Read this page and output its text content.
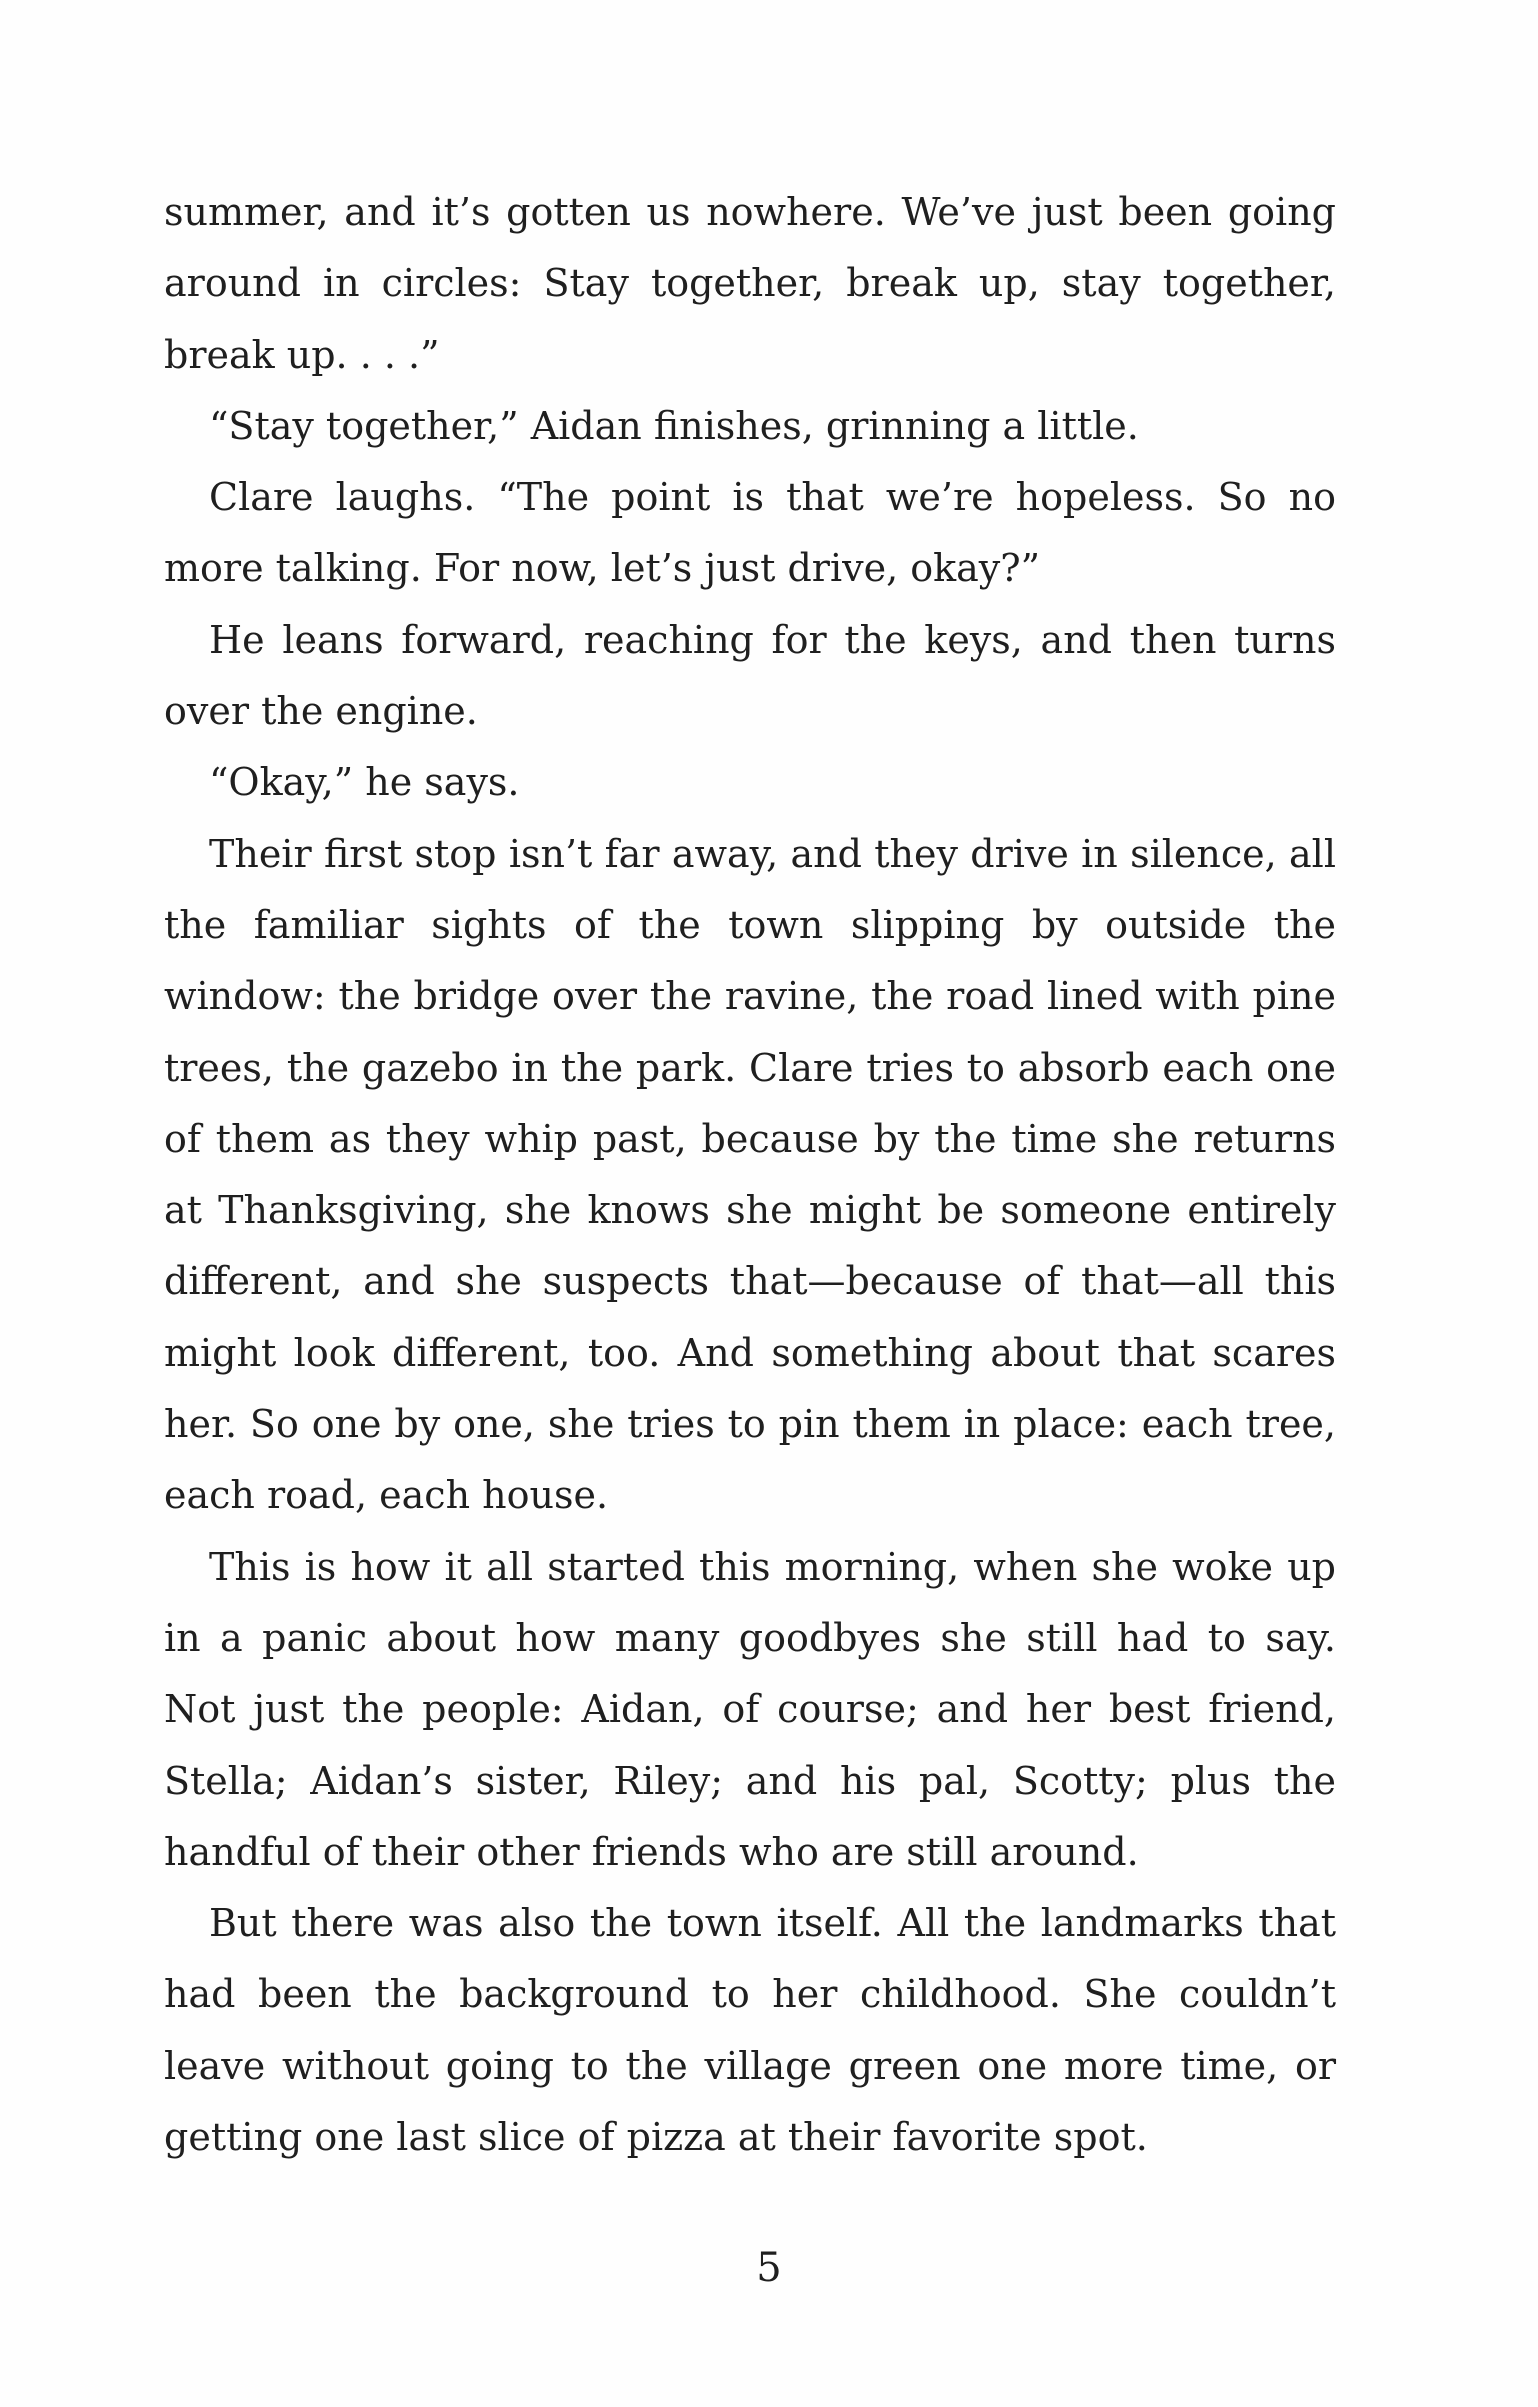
summer, and it’s gotten us nowhere. We’ve just been going around in circles: Stay together, break up, stay together, break up. . . .”

“Stay together,” Aidan finishes, grinning a little.

Clare laughs. “The point is that we’re hopeless. So no more talking. For now, let’s just drive, okay?”

He leans forward, reaching for the keys, and then turns over the engine.

“Okay,” he says.

Their first stop isn’t far away, and they drive in silence, all the familiar sights of the town slipping by outside the window: the bridge over the ravine, the road lined with pine trees, the gazebo in the park. Clare tries to absorb each one of them as they whip past, because by the time she returns at Thanksgiving, she knows she might be someone entirely different, and she suspects that—because of that—all this might look different, too. And something about that scares her. So one by one, she tries to pin them in place: each tree, each road, each house.

This is how it all started this morning, when she woke up in a panic about how many goodbyes she still had to say. Not just the people: Aidan, of course; and her best friend, Stella; Aidan’s sister, Riley; and his pal, Scotty; plus the handful of their other friends who are still around.

But there was also the town itself. All the landmarks that had been the background to her childhood. She couldn’t leave without going to the village green one more time, or getting one last slice of pizza at their favorite spot.

5
